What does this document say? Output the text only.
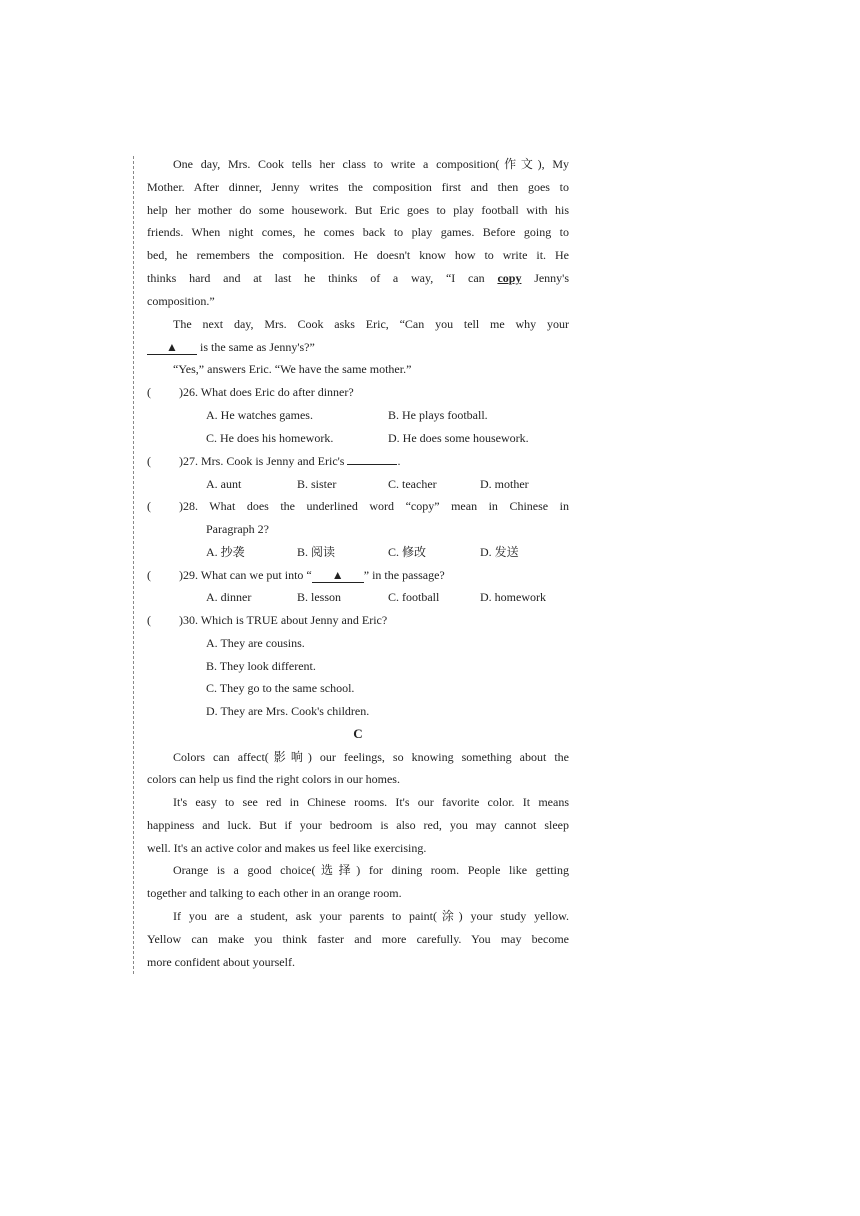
One day, Mrs. Cook tells her class to write a composition(作文), My
Mother. After dinner, Jenny writes the composition first and then goes to
help her mother do some housework. But Eric goes to play football with his
friends. When night comes, he comes back to play games. Before going to
bed, he remembers the composition. He doesn't know how to write it. He
thinks hard and at last he thinks of a way, “I can copy Jenny's
composition.”
The next day, Mrs. Cook asks Eric, “Can you tell me why your
▲ is the same as Jenny's?”
“Yes,” answers Eric. “We have the same mother.”
( )26. What does Eric do after dinner?
A. He watches games.	B. He plays football.
C. He does his homework.	D. He does some housework.
( )27. Mrs. Cook is Jenny and Eric's	.
A. aunt	B. sister	C. teacher	D. mother
( )28. What does the underlined word “copy” mean in Chinese in
Paragraph 2?
A. 抄袭	B. 阅读	C. 修改	D. 发送
( )29. What can we put into “ ▲ ” in the passage?
A. dinner	B. lesson	C. football	D. homework
( )30. Which is TRUE about Jenny and Eric?
A. They are cousins.
B. They look different.
C. They go to the same school.
D. They are Mrs. Cook's children.
C
Colors can affect(影响) our feelings, so knowing something about the
colors can help us find the right colors in our homes.
It's easy to see red in Chinese rooms. It's our favorite color. It means
happiness and luck. But if your bedroom is also red, you may cannot sleep
well. It's an active color and makes us feel like exercising.
Orange is a good choice(选择) for dining room. People like getting
together and talking to each other in an orange room.
If you are a student, ask your parents to paint(涂) your study yellow.
Yellow can make you think faster and more carefully. You may become
more confident about yourself.
